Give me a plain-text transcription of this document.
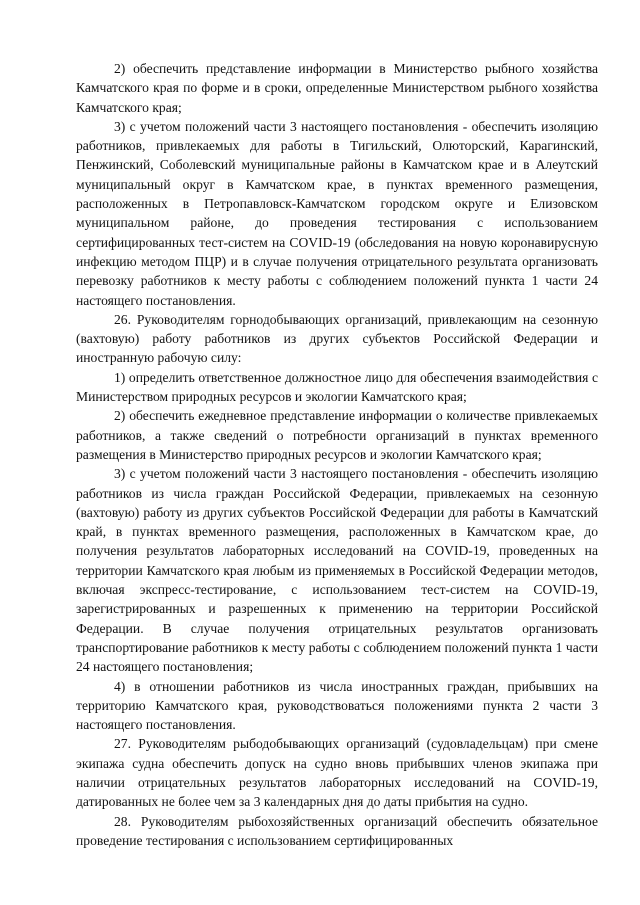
2) обеспечить представление информации в Министерство рыбного хозяйства Камчатского края по форме и в сроки, определенные Министерством рыбного хозяйства Камчатского края;

3) с учетом положений части 3 настоящего постановления - обеспечить изоляцию работников, привлекаемых для работы в Тигильский, Олюторский, Карагинский, Пенжинский, Соболевский муниципальные районы в Камчатском крае и в Алеутский муниципальный округ в Камчатском крае, в пунктах временного размещения, расположенных в Петропавловск-Камчатском городском округе и Елизовском муниципальном районе, до проведения тестирования с использованием сертифицированных тест-систем на COVID-19 (обследования на новую коронавирусную инфекцию методом ПЦР) и в случае получения отрицательного результата организовать перевозку работников к месту работы с соблюдением положений пункта 1 части 24 настоящего постановления.

26. Руководителям горнодобывающих организаций, привлекающим на сезонную (вахтовую) работу работников из других субъектов Российской Федерации и иностранную рабочую силу:

1) определить ответственное должностное лицо для обеспечения взаимодействия с Министерством природных ресурсов и экологии Камчатского края;

2) обеспечить ежедневное представление информации о количестве привлекаемых работников, а также сведений о потребности организаций в пунктах временного размещения в Министерство природных ресурсов и экологии Камчатского края;

3) с учетом положений части 3 настоящего постановления - обеспечить изоляцию работников из числа граждан Российской Федерации, привлекаемых на сезонную (вахтовую) работу из других субъектов Российской Федерации для работы в Камчатский край, в пунктах временного размещения, расположенных в Камчатском крае, до получения результатов лабораторных исследований на COVID-19, проведенных на территории Камчатского края любым из применяемых в Российской Федерации методов, включая экспресс-тестирование, с использованием тест-систем на COVID-19, зарегистрированных и разрешенных к применению на территории Российской Федерации. В случае получения отрицательных результатов организовать транспортирование работников к месту работы с соблюдением положений пункта 1 части 24 настоящего постановления;

4) в отношении работников из числа иностранных граждан, прибывших на территорию Камчатского края, руководствоваться положениями пункта 2 части 3 настоящего постановления.

27. Руководителям рыбодобывающих организаций (судовладельцам) при смене экипажа судна обеспечить допуск на судно вновь прибывших членов экипажа при наличии отрицательных результатов лабораторных исследований на COVID-19, датированных не более чем за 3 календарных дня до даты прибытия на судно.

28. Руководителям рыбохозяйственных организаций обеспечить обязательное проведение тестирования с использованием сертифицированных
